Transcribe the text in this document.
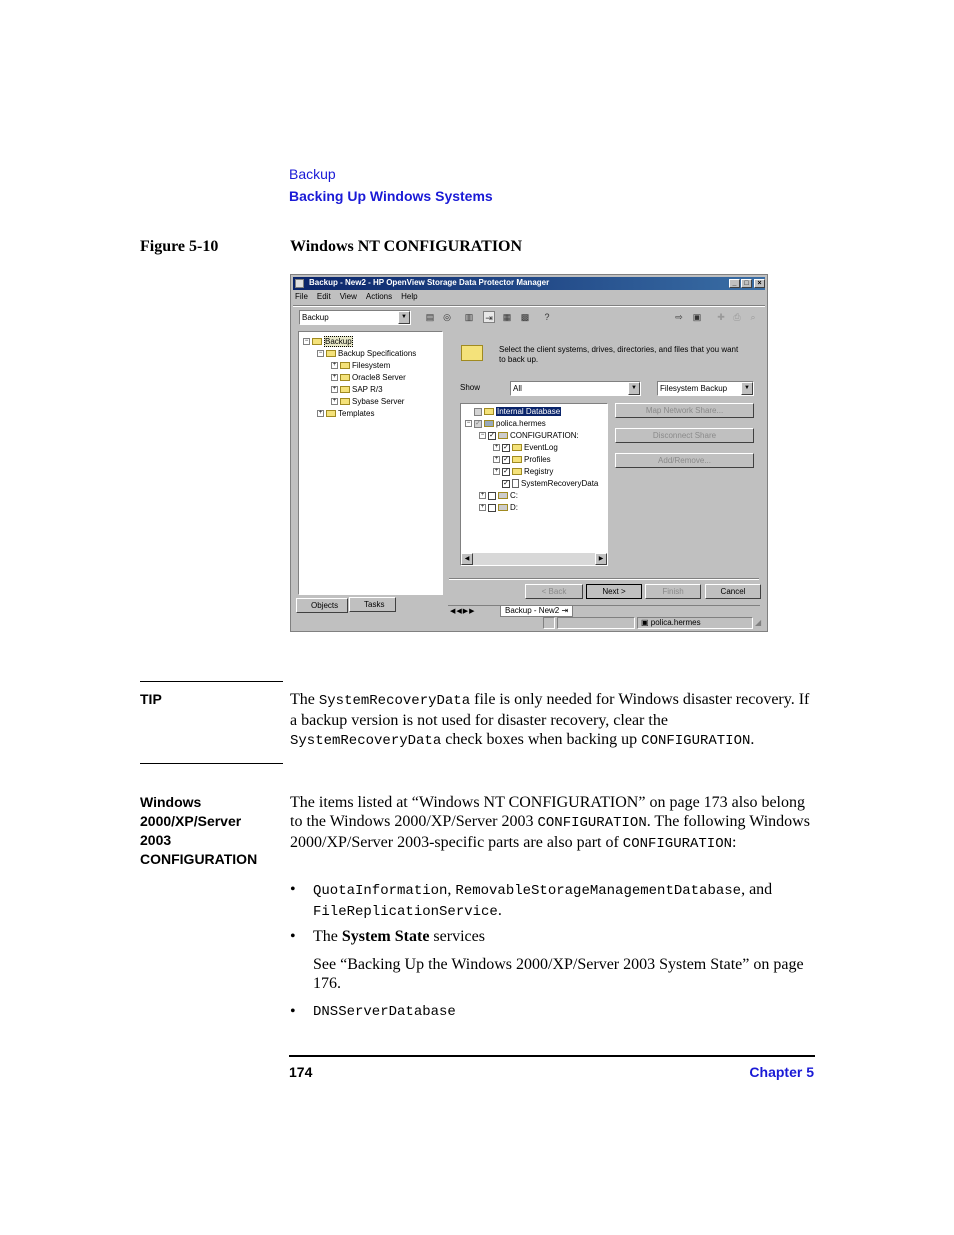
Backup
Backing Up Windows Systems
Figure 5-10	Windows NT CONFIGURATION
Backup - New2 - HP OpenView Storage Data Protector Manager	_	□	×
File Edit View Actions Help
Backup	▼	▤ ◎ ▥ ⇥ ▦ ▩	?	⇨ ▣ ✚ ⎙	⌕
− Backup
− Backup Specifications
+ Filesystem
+ Oracle8 Server
+ SAP R/3
+ Sybase Server
+ Templates
Objects	Tasks
Select the client systems, drives, directories, and files that you want to back up.
Show	All	▼	Filesystem Backup	▼
Internal Database
− ✓ polica.hermes
− ✓ CONFIGURATION:
+ ✓ EventLog
+ ✓ Profiles
+ ✓ Registry
✓ SystemRecoveryData
+	C:
+	D:
◀	▶
Map Network Share...
Disconnect Share
Add/Remove...
< Back	Next >	Finish	Cancel
◀◀▶▶	Backup - New2 ⇥
▣ polica.hermes	◢
TIP	The SystemRecoveryData file is only needed for Windows disaster recovery. If a backup version is not used for disaster recovery, clear the SystemRecoveryData check boxes when backing up CONFIGURATION.

Windows
2000/XP/Server
2003
CONFIGURATION

The items listed at “Windows NT CONFIGURATION” on page 173 also belong to the Windows 2000/XP/Server 2003 CONFIGURATION. The following Windows 2000/XP/Server 2003-specific parts are also part of CONFIGURATION:

• QuotaInformation, RemovableStorageManagementDatabase, and
FileReplicationService.

• The System State services

See “Backing Up the Windows 2000/XP/Server 2003 System State” on page 176.

• DNSServerDatabase

174	Chapter 5
